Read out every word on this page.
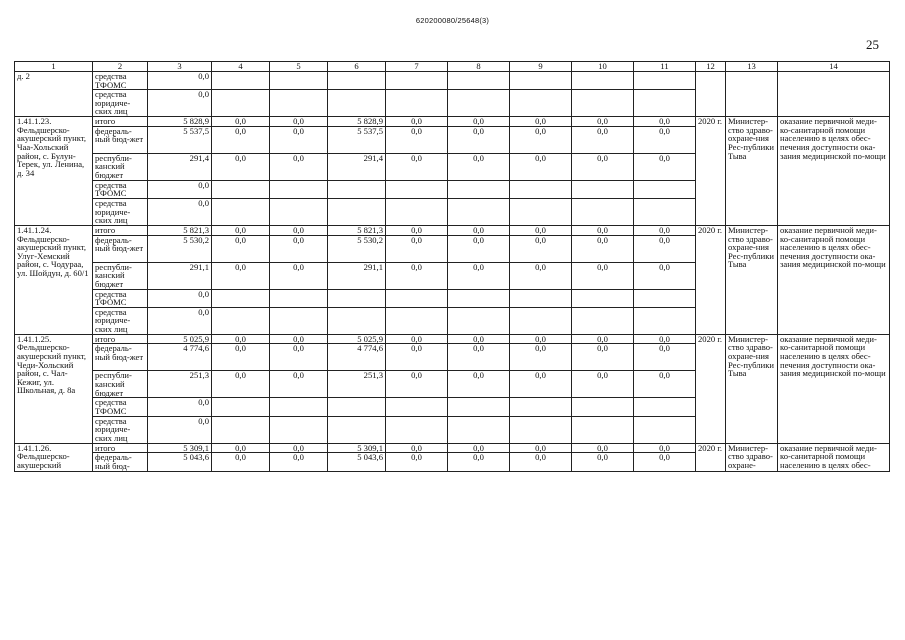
620200080/25648(3)
25
1	2	3	4	5	6	7	8	9	10	11	12	13	14
д. 2	средства ТФОМС	0,0											
	средства юридиче-ских лиц	0,0											
1.41.1.23. Фельдшерско-акушерский пункт, Чаа-Хольский район, с. Булун-Терек, ул. Ленина, д. 34	итого	5 828,9	0,0	0,0	5 828,9	0,0	0,0	0,0	0,0	0,0	2020 г.	Министер-ство здраво-охране-ния Рес-публики Тыва	оказание первичной меди-ко-санитарной помощи населению в целях обес-печения доступности ока-зания медицинской по-мощи
	федераль-ный бюд-жет	5 537,5	0,0	0,0	5 537,5	0,0	0,0	0,0	0,0	0,0			
	республи-канский бюджет	291,4	0,0	0,0	291,4	0,0	0,0	0,0	0,0	0,0			
	средства ТФОМС	0,0											
	средства юридиче-ских лиц	0,0											
1.41.1.24. Фельдшерско-акушерский пункт, Улуг-Хемский район, с. Чодураа, ул. Шойдун, д. 60/1	итого	5 821,3	0,0	0,0	5 821,3	0,0	0,0	0,0	0,0	0,0	2020 г.	Министер-ство здраво-охране-ния Рес-публики Тыва	оказание первичной меди-ко-санитарной помощи населению в целях обес-печения доступности ока-зания медицинской по-мощи
	федераль-ный бюд-жет	5 530,2	0,0	0,0	5 530,2	0,0	0,0	0,0	0,0	0,0			
	республи-канский бюджет	291,1	0,0	0,0	291,1	0,0	0,0	0,0	0,0	0,0			
	средства ТФОМС	0,0											
	средства юридиче-ских лиц	0,0											
1.41.1.25. Фельдшерско-акушерский пункт, Чеди-Хольский район, с. Чал-Кежиг, ул. Школьная, д. 8а	итого	5 025,9	0,0	0,0	5 025,9	0,0	0,0	0,0	0,0	0,0	2020 г.	Министер-ство здраво-охране-ния Рес-публики Тыва	оказание первичной меди-ко-санитарной помощи населению в целях обес-печения доступности ока-зания медицинской по-мощи
	федераль-ный бюд-жет	4 774,6	0,0	0,0	4 774,6	0,0	0,0	0,0	0,0	0,0			
	республи-канский бюджет	251,3	0,0	0,0	251,3	0,0	0,0	0,0	0,0	0,0			
	средства ТФОМС	0,0											
	средства юридиче-ских лиц	0,0											
1.41.1.26. Фельдшерско-акушерский	итого	5 309,1	0,0	0,0	5 309,1	0,0	0,0	0,0	0,0	0,0	2020 г.	Министер-ство здраво-охране-	оказание первичной меди-ко-санитарной помощи населению в целях обес-
	федераль-ный бюд-	5 043,6	0,0	0,0	5 043,6	0,0	0,0	0,0	0,0	0,0			
